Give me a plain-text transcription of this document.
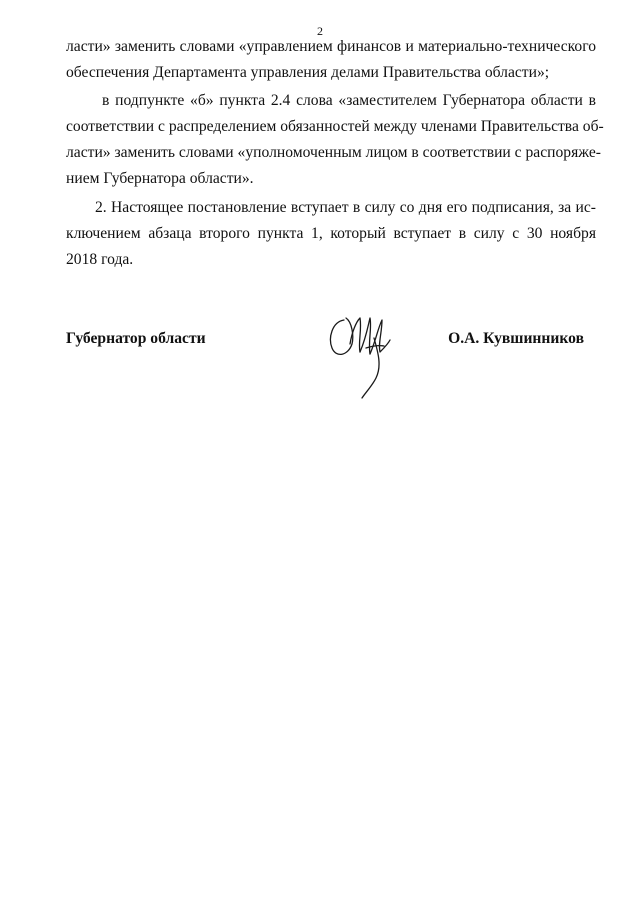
2
ласти» заменить словами «управлением финансов и материально-технического
обеспечения Департамента управления делами Правительства области»;
в подпункте «б» пункта 2.4 слова «заместителем Губернатора области в
соответствии с распределением обязанностей между членами Правительства об-
ласти» заменить словами «уполномоченным лицом в соответствии с распоряже-
нием Губернатора области».
2. Настоящее постановление вступает в силу со дня его подписания, за ис-
ключением абзаца второго пункта 1, который вступает в силу с 30 ноября
2018 года.
Губернатор области	О.А. Кувшинников
